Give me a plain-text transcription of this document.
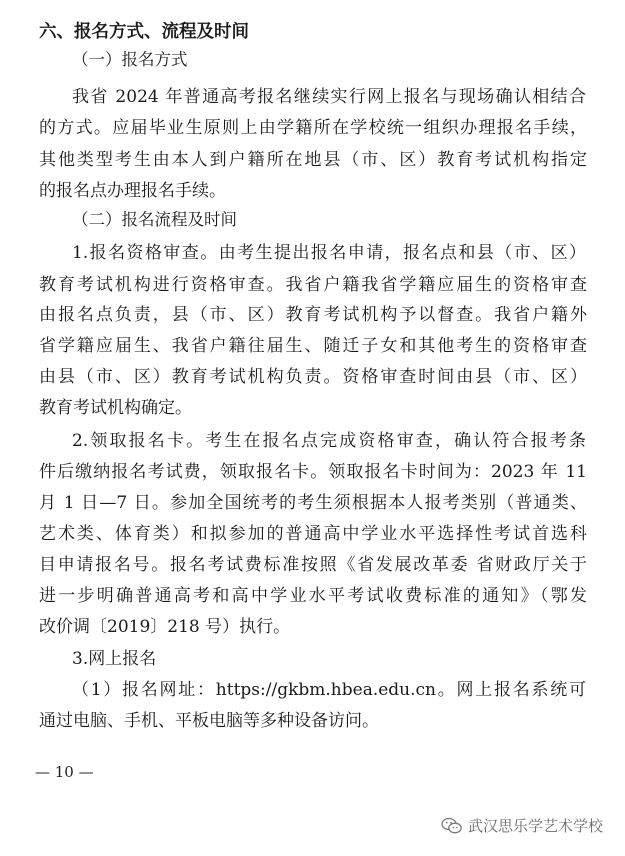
六、报名方式、流程及时间
（一）报名方式
我省 2024 年普通高考报名继续实行网上报名与现场确认相结合
的方式。应届毕业生原则上由学籍所在学校统一组织办理报名手续，
其他类型考生由本人到户籍所在地县（市、区）教育考试机构指定
的报名点办理报名手续。
（二）报名流程及时间
1.报名资格审查。由考生提出报名申请，报名点和县（市、区）
教育考试机构进行资格审查。我省户籍我省学籍应届生的资格审查
由报名点负责，县（市、区）教育考试机构予以督查。我省户籍外
省学籍应届生、我省户籍往届生、随迁子女和其他考生的资格审查
由县（市、区）教育考试机构负责。资格审查时间由县（市、区）
教育考试机构确定。
2.领取报名卡。考生在报名点完成资格审查，确认符合报考条
件后缴纳报名考试费，领取报名卡。领取报名卡时间为：2023 年 11
月 1 日—7 日。参加全国统考的考生须根据本人报考类别（普通类、
艺术类、体育类）和拟参加的普通高中学业水平选择性考试首选科
目申请报名号。报名考试费标准按照《省发展改革委 省财政厅关于
进一步明确普通高考和高中学业水平考试收费标准的通知》（鄂发
改价调〔2019〕218 号）执行。
3.网上报名
（1）报名网址：https://gkbm.hbea.edu.cn。网上报名系统可
通过电脑、手机、平板电脑等多种设备访问。
— 10 —
武汉思乐学艺术学校
